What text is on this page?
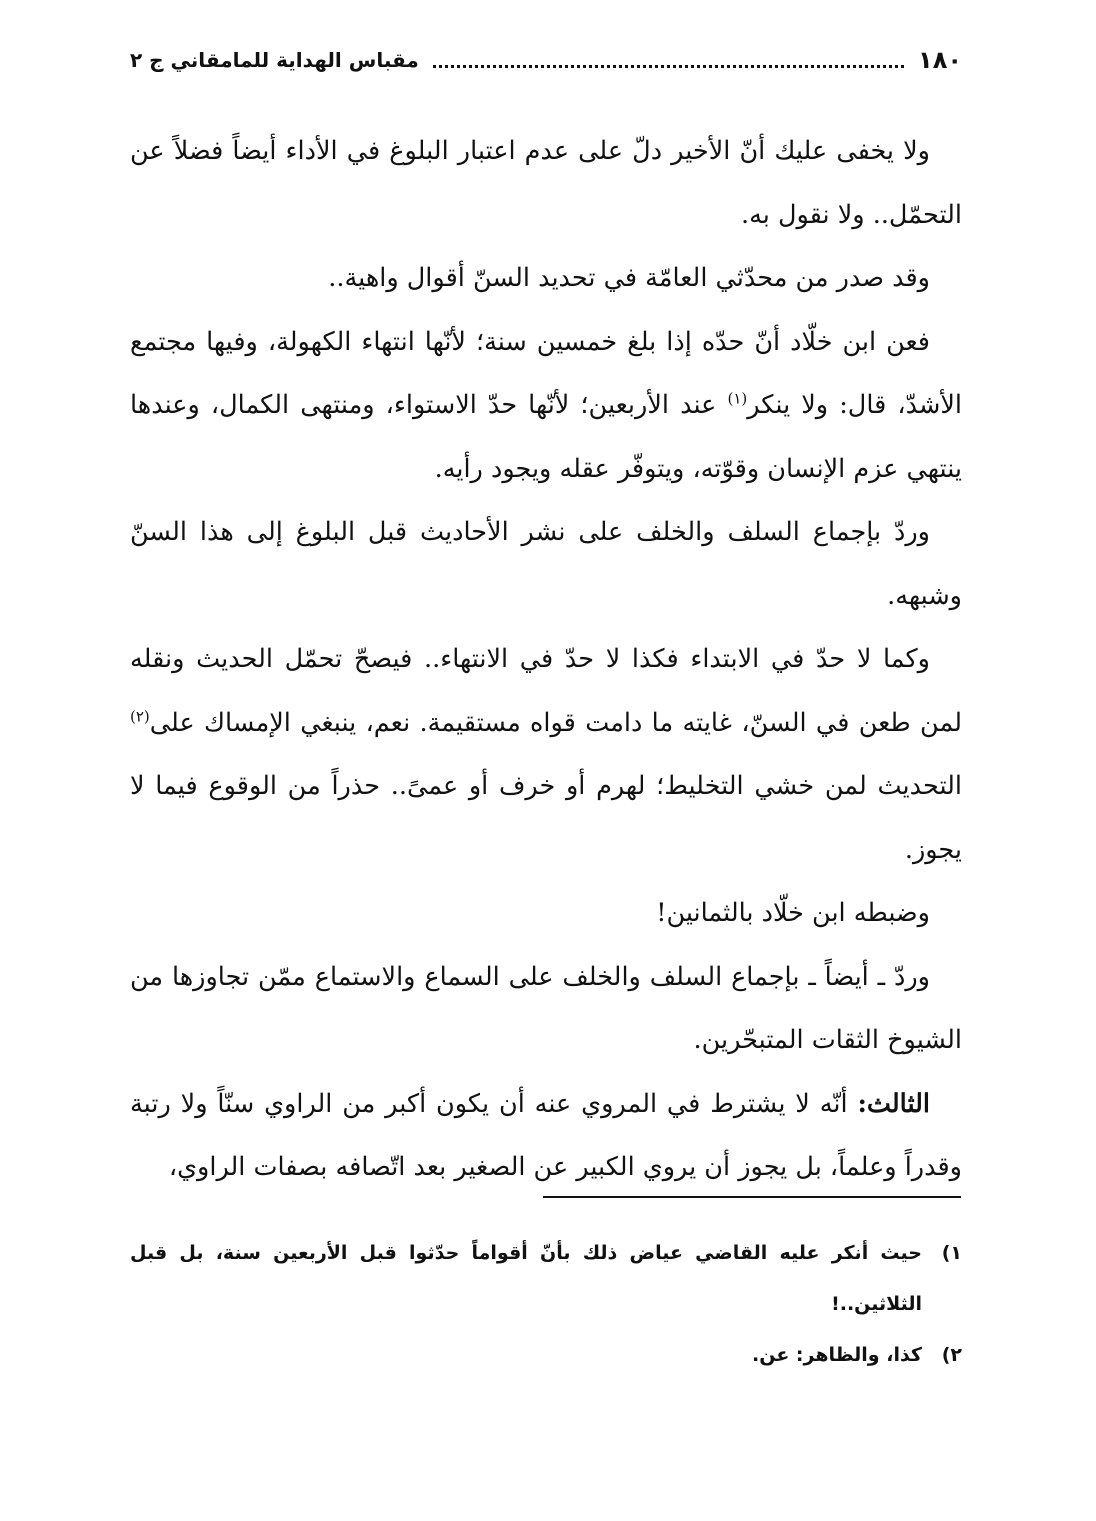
١٨٠
مقباس الهداية للمامقاني ج ٢

ولا يخفى عليك أنّ الأخير دلّ على عدم اعتبار البلوغ في الأداء أيضاً فضلاً عن التحمّل.. ولا نقول به.

وقد صدر من محدّثي العامّة في تحديد السنّ أقوال واهية..

فعن ابن خلّاد أنّ حدّه إذا بلغ خمسين سنة؛ لأنّها انتهاء الكهولة، وفيها مجتمع الأشدّ، قال: ولا ينكر$^{(١)}$ عند الأربعين؛ لأنّها حدّ الاستواء، ومنتهى الكمال، وعندها ينتهي عزم الإنسان وقوّته، ويتوفّر عقله ويجود رأيه.

وردّ بإجماع السلف والخلف على نشر الأحاديث قبل البلوغ إلى هذا السنّ وشبهه.

وكما لا حدّ في الابتداء فكذا لا حدّ في الانتهاء.. فيصحّ تحمّل الحديث ونقله لمن طعن في السنّ، غايته ما دامت قواه مستقيمة. نعم، ينبغي الإمساك على$^{(٢)}$ التحديث لمن خشي التخليط؛ لهرم أو خرف أو عمىً.. حذراً من الوقوع فيما لا يجوز.

وضبطه ابن خلّاد بالثمانين!

وردّ ـ أيضاً ـ بإجماع السلف والخلف على السماع والاستماع ممّن تجاوزها من الشيوخ الثقات المتبحّرين.

الثالث: أنّه لا يشترط في المروي عنه أن يكون أكبر من الراوي سنّاً ولا رتبة وقدراً وعلماً، بل يجوز أن يروي الكبير عن الصغير بعد اتّصافه بصفات الراوي،

١)حيث أنكر عليه القاضي عياض ذلك بأنّ أقواماً حدّثوا قبل الأربعين سنة، بل قبل الثلاثين..!
٢)كذا، والظاهر: عن.
